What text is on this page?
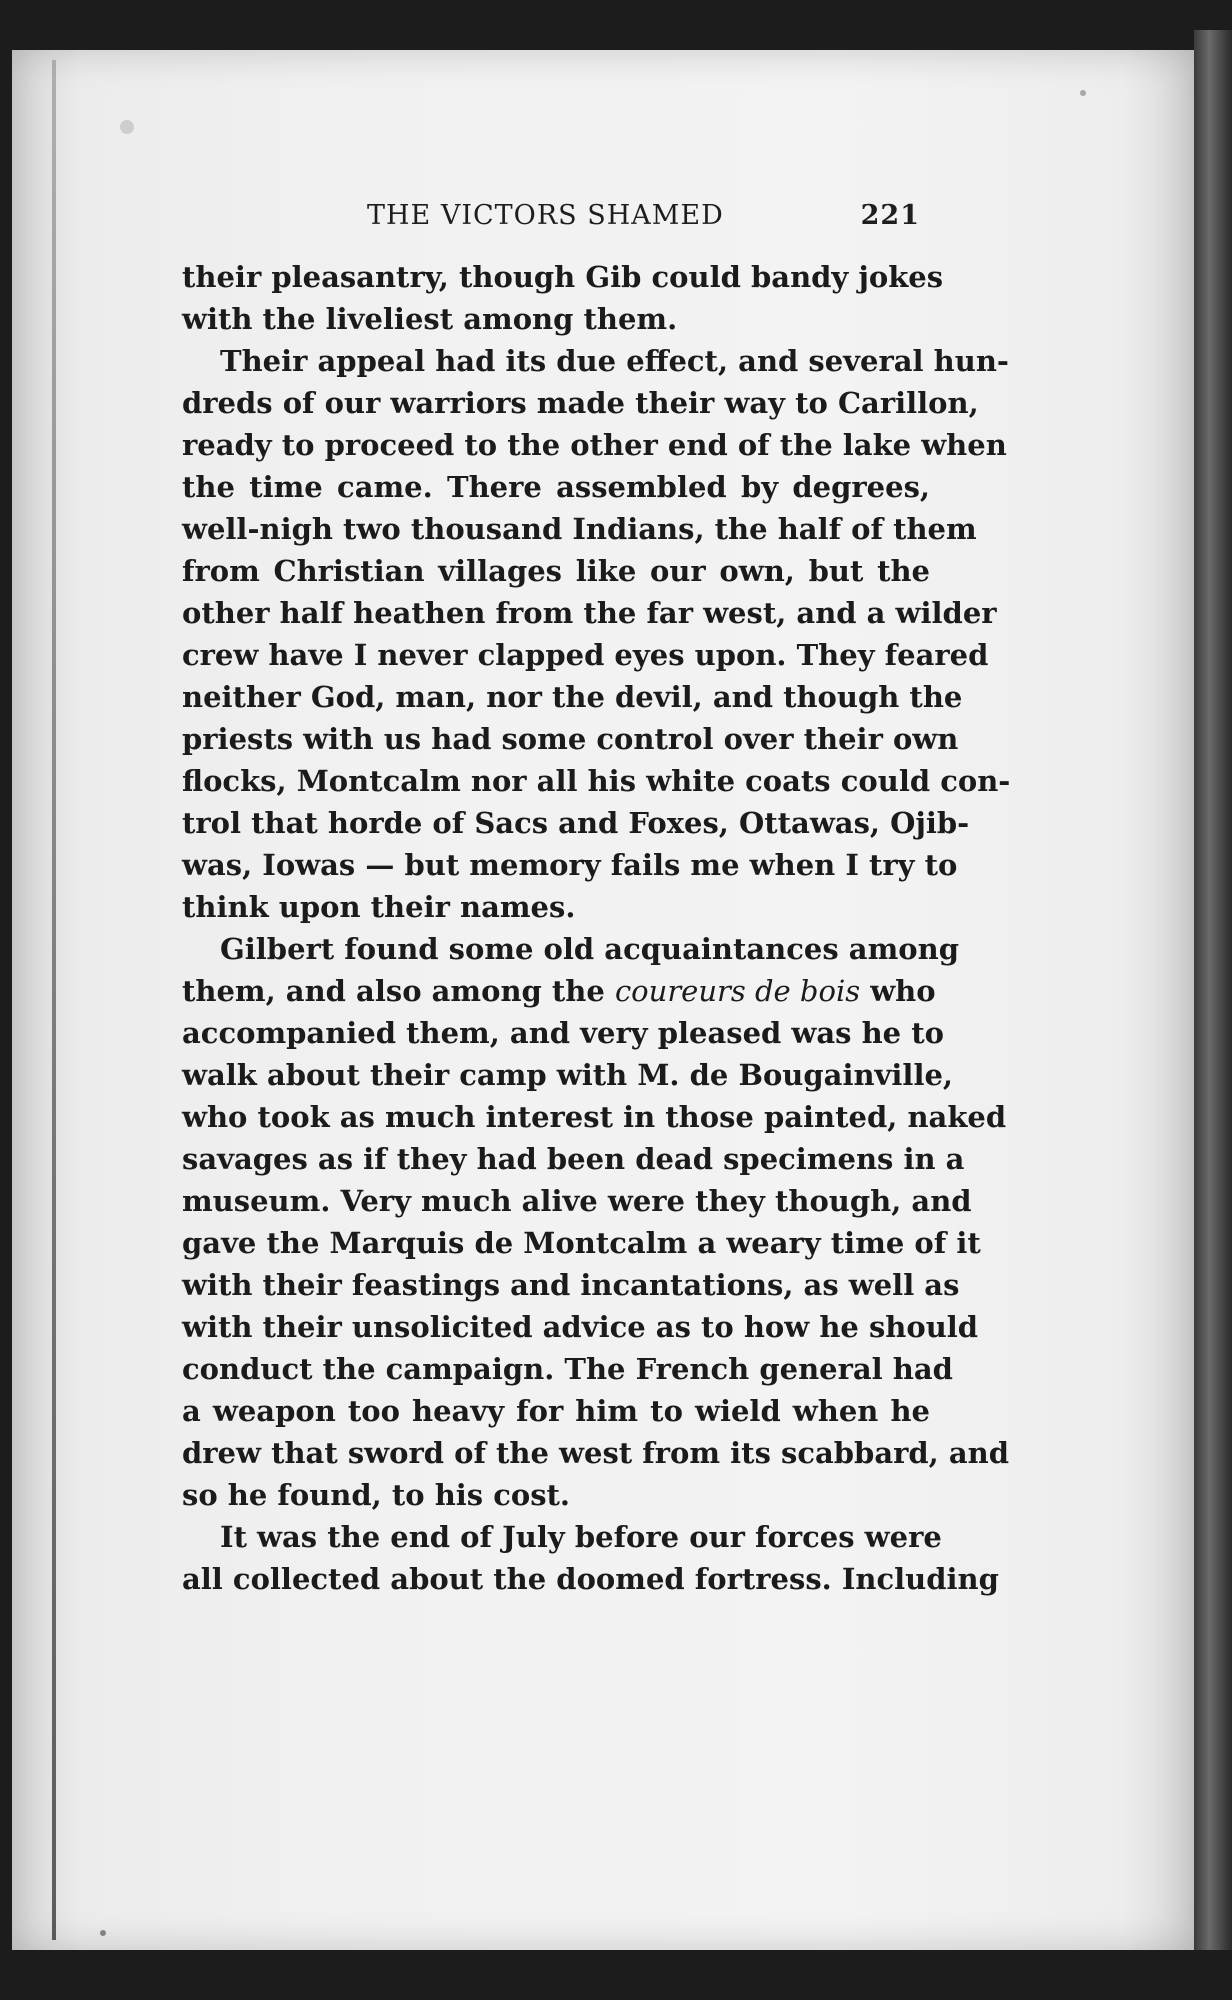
THE VICTORS SHAMED	221
their pleasantry, though Gib could bandy jokes
with the liveliest among them.
Their appeal had its due effect, and several hun-
dreds of our warriors made their way to Carillon,
ready to proceed to the other end of the lake when
the time came. There assembled by degrees,
well-nigh two thousand Indians, the half of them
from Christian villages like our own, but the
other half heathen from the far west, and a wilder
crew have I never clapped eyes upon. They feared
neither God, man, nor the devil, and though the
priests with us had some control over their own
flocks, Montcalm nor all his white coats could con-
trol that horde of Sacs and Foxes, Ottawas, Ojib-
was, Iowas — but memory fails me when I try to
think upon their names.
Gilbert found some old acquaintances among
them, and also among the coureurs de bois who
accompanied them, and very pleased was he to
walk about their camp with M. de Bougainville,
who took as much interest in those painted, naked
savages as if they had been dead specimens in a
museum. Very much alive were they though, and
gave the Marquis de Montcalm a weary time of it
with their feastings and incantations, as well as
with their unsolicited advice as to how he should
conduct the campaign. The French general had
a weapon too heavy for him to wield when he
drew that sword of the west from its scabbard, and
so he found, to his cost.
It was the end of July before our forces were
all collected about the doomed fortress. Including
